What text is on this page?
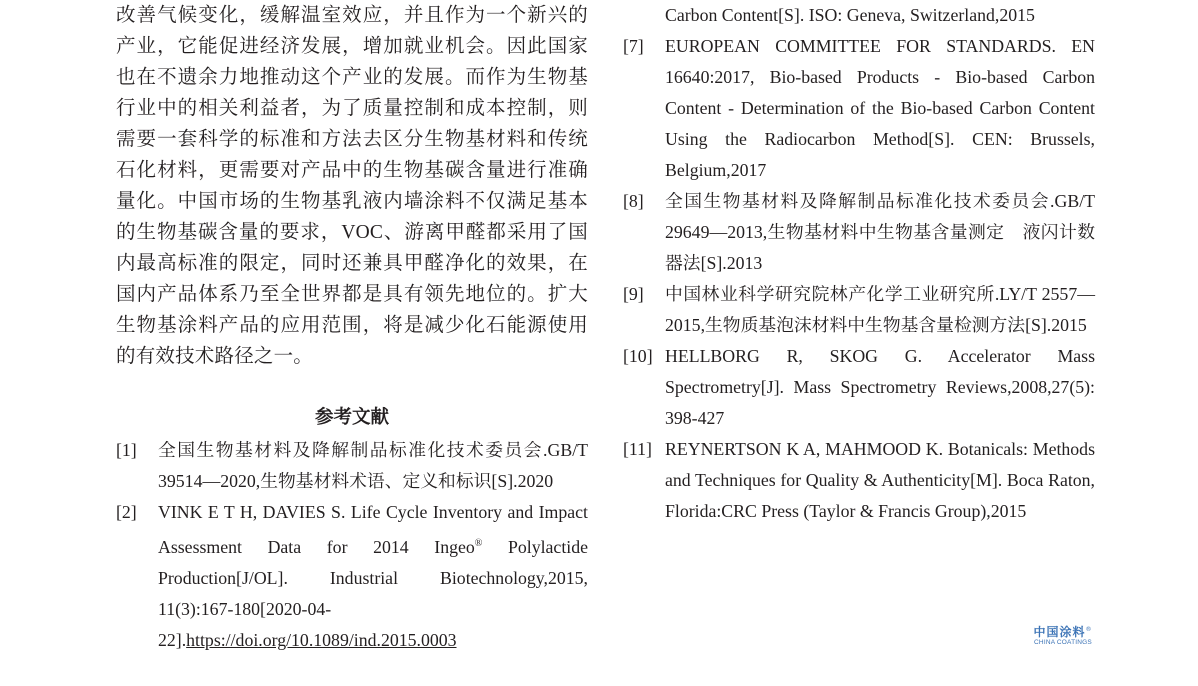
改善气候变化，缓解温室效应，并且作为一个新兴的产业，它能促进经济发展，增加就业机会。因此国家也在不遗余力地推动这个产业的发展。而作为生物基行业中的相关利益者，为了质量控制和成本控制，则需要一套科学的标准和方法去区分生物基材料和传统石化材料，更需要对产品中的生物基碳含量进行准确量化。中国市场的生物基乳液内墙涂料不仅满足基本的生物基碳含量的要求，VOC、游离甲醛都采用了国内最高标准的限定，同时还兼具甲醛净化的效果，在国内产品体系乃至全世界都是具有领先地位的。扩大生物基涂料产品的应用范围，将是减少化石能源使用的有效技术路径之一。

参考文献

[1]	全国生物基材料及降解制品标准化技术委员会.GB/T 39514—2020,生物基材料术语、定义和标识[S].2020
[2]	VINK E T H, DAVIES S. Life Cycle Inventory and Impact Assessment Data for 2014 Ingeo® Polylactide Production[J/OL]. Industrial Biotechnology,2015, 11(3):167-180[2020-04-22].https://doi.org/10.1089/ind.2015.0003
Carbon Content[S]. ISO: Geneva, Switzerland,2015
[7]	EUROPEAN COMMITTEE FOR STANDARDS. EN 16640:2017, Bio-based Products - Bio-based Carbon Content - Determination of the Bio-based Carbon Content Using the Radiocarbon Method[S]. CEN: Brussels, Belgium,2017
[8]	全国生物基材料及降解制品标准化技术委员会.GB/T 29649—2013,生物基材料中生物基含量测定　液闪计数器法[S].2013
[9]	中国林业科学研究院林产化学工业研究所.LY/T 2557—2015,生物质基泡沫材料中生物基含量检测方法[S].2015
[10] HELLBORG R, SKOG G. Accelerator Mass Spectrometry[J]. Mass Spectrometry Reviews,2008,27(5): 398-427
[11] REYNERTSON K A, MAHMOOD K. Botanicals: Methods and Techniques for Quality & Authenticity[M]. Boca Raton, Florida:CRC Press (Taylor & Francis Group),2015
中国涂料®
CHINA COATINGS
